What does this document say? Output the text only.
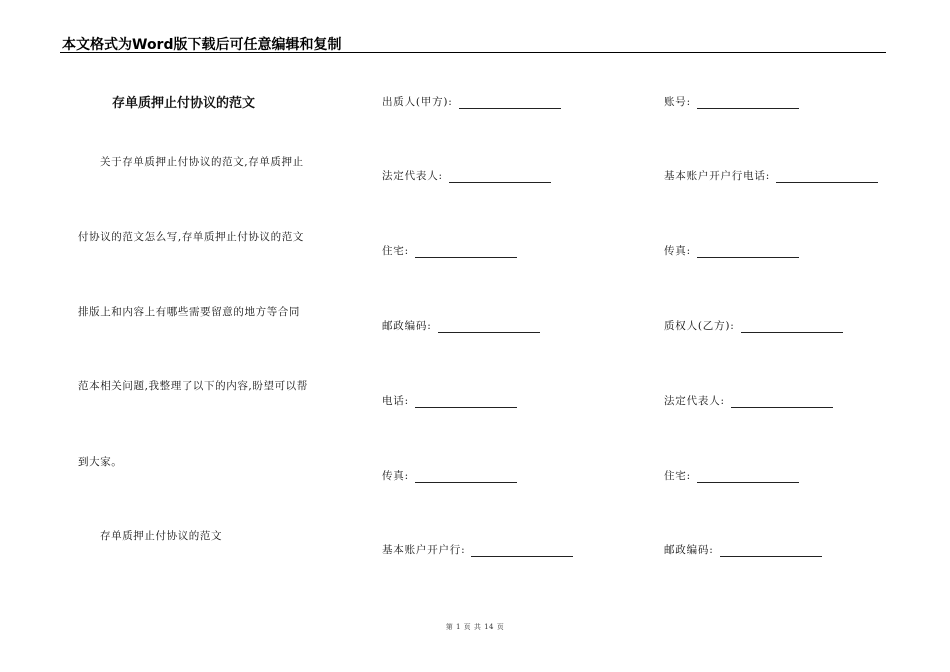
本文格式为Word版下载后可任意编辑和复制
存单质押止付协议的范文
关于存单质押止付协议的范文,存单质押止
付协议的范文怎么写,存单质押止付协议的范文
排版上和内容上有哪些需要留意的地方等合同
范本相关问题,我整理了以下的内容,盼望可以帮
到大家。
存单质押止付协议的范文
出质人(甲方):
法定代表人:
住宅:
邮政编码:
电话:
传真:
基本账户开户行:
账号:
基本账户开户行电话:
传真:
质权人(乙方):
法定代表人:
住宅:
邮政编码:
第 1 页 共 14 页
